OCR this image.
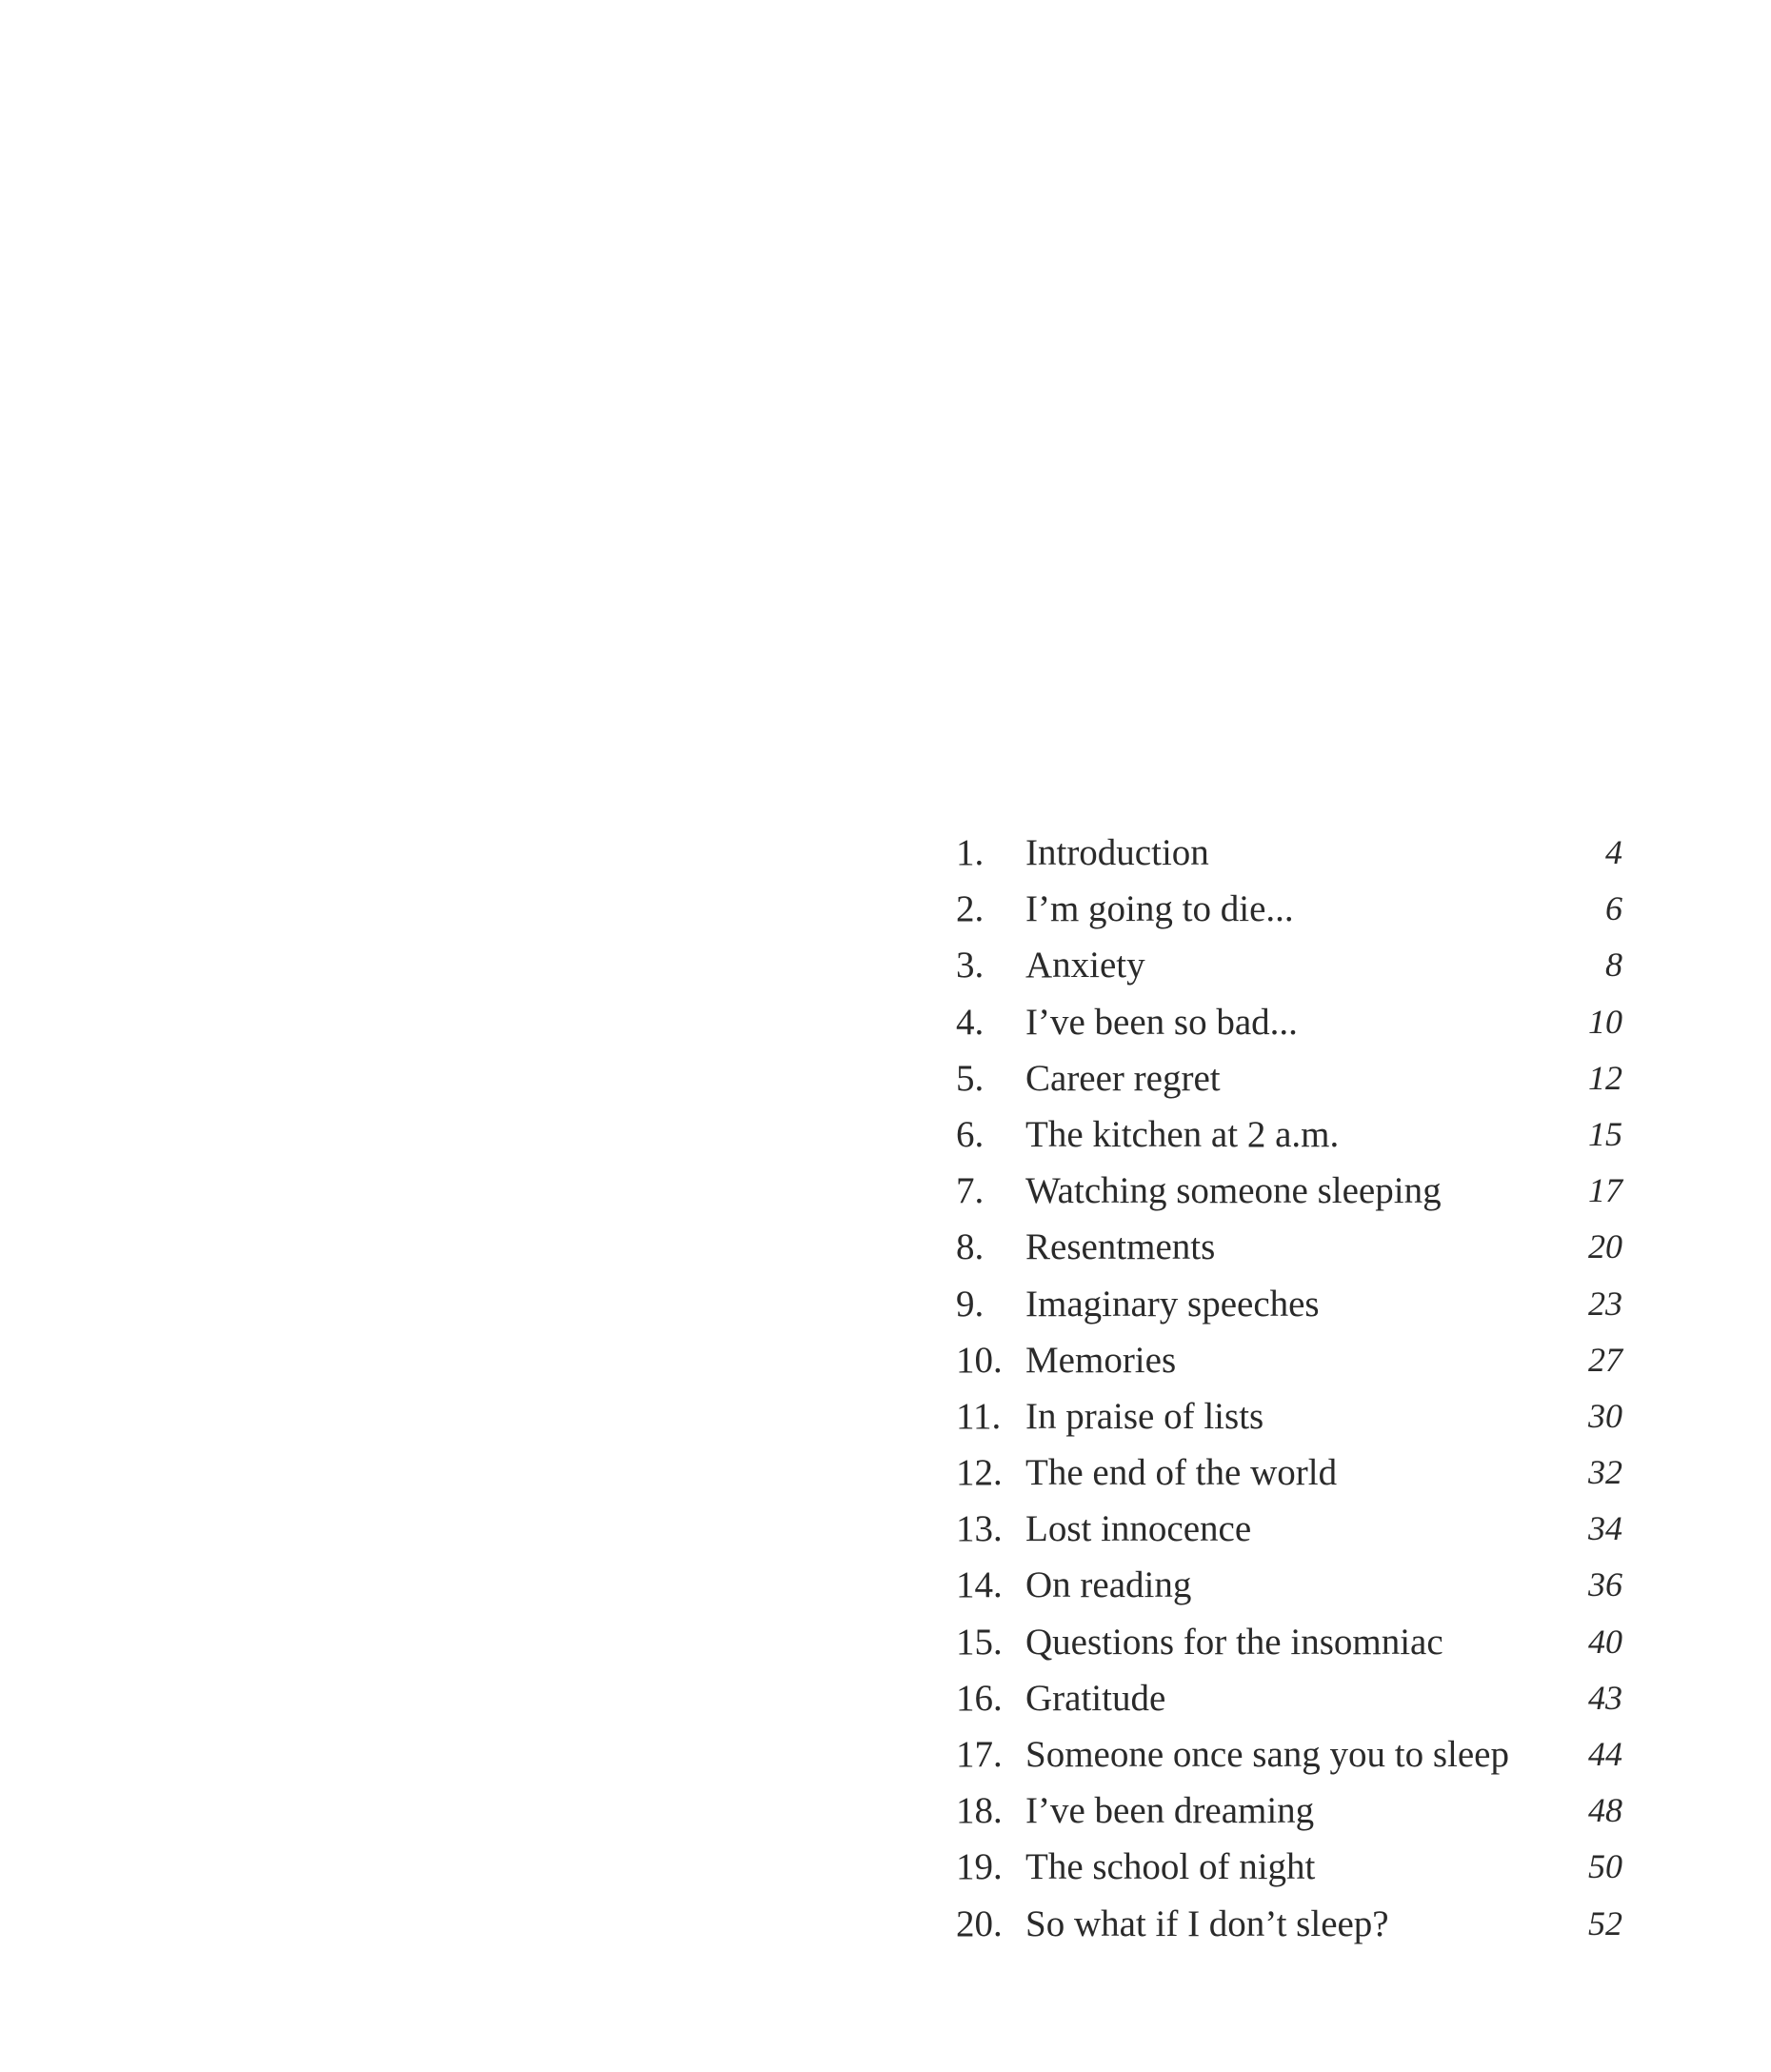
1. Introduction	4
2. I’m going to die...	6
3. Anxiety	8
4. I’ve been so bad...	10
5. Career regret	12
6. The kitchen at 2 a.m.	15
7. Watching someone sleeping	17
8. Resentments	20
9. Imaginary speeches	23
10. Memories	27
11. In praise of lists	30
12. The end of the world	32
13. Lost innocence	34
14. On reading	36
15. Questions for the insomniac	40
16. Gratitude	43
17. Someone once sang you to sleep 44
18. I’ve been dreaming	48
19. The school of night	50
20. So what if I don’t sleep?	52
